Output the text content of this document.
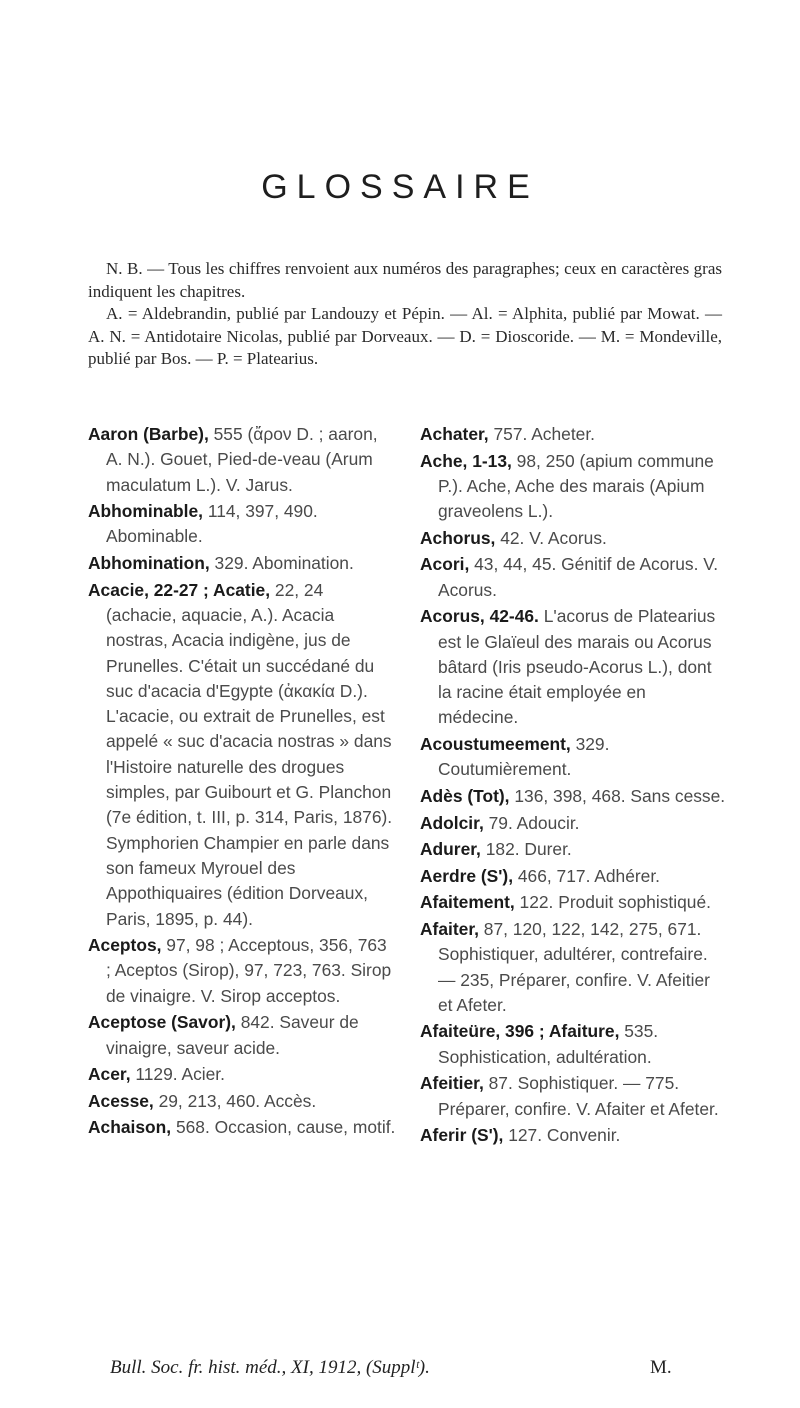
GLOSSAIRE

N. B. — Tous les chiffres renvoient aux numéros des paragraphes; ceux en caractères gras indiquent les chapitres.

A. = Aldebrandin, publié par Landouzy et Pépin. — Al. = Alphita, publié par Mowat. — A. N. = Antidotaire Nicolas, publié par Dorveaux. — D. = Dioscoride. — M. = Mondeville, publié par Bos. — P. = Platearius.

Aaron (Barbe), 555 (ἄρον D. ; aaron, A. N.). Gouet, Pied-de-veau (Arum maculatum L.). V. Jarus.

Abhominable, 114, 397, 490. Abominable.

Abhomination, 329. Abomination.

Acacie, 22-27 ; Acatie, 22, 24 (achacie, aquacie, A.). Acacia nostras, Acacia indigène, jus de Prunelles. C'était un succédané du suc d'acacia d'Egypte (ἀκακία D.). L'acacie, ou extrait de Prunelles, est appelé « suc d'acacia nostras » dans l'Histoire naturelle des drogues simples, par Guibourt et G. Planchon (7e édition, t. III, p. 314, Paris, 1876). Symphorien Champier en parle dans son fameux Myrouel des Appothiquaires (édition Dorveaux, Paris, 1895, p. 44).

Aceptos, 97, 98 ; Acceptous, 356, 763 ; Aceptos (Sirop), 97, 723, 763. Sirop de vinaigre. V. Sirop acceptos.

Aceptose (Savor), 842. Saveur de vinaigre, saveur acide.

Acer, 1129. Acier.

Acesse, 29, 213, 460. Accès.

Achaison, 568. Occasion, cause, motif.

Achater, 757. Acheter.

Ache, 1-13, 98, 250 (apium commune P.). Ache, Ache des marais (Apium graveolens L.).

Achorus, 42. V. Acorus.

Acori, 43, 44, 45. Génitif de Acorus. V. Acorus.

Acorus, 42-46. L'acorus de Platearius est le Glaïeul des marais ou Acorus bâtard (Iris pseudo-Acorus L.), dont la racine était employée en médecine.

Acoustumeement, 329. Coutumièrement.

Adès (Tot), 136, 398, 468. Sans cesse.

Adolcir, 79. Adoucir.

Adurer, 182. Durer.

Aerdre (S'), 466, 717. Adhérer.

Afaitement, 122. Produit sophistiqué.

Afaiter, 87, 120, 122, 142, 275, 671. Sophistiquer, adultérer, contrefaire. — 235, Préparer, confire. V. Afeitier et Afeter.

Afaiteüre, 396 ; Afaiture, 535. Sophistication, adultération.

Afeitier, 87. Sophistiquer. — 775. Préparer, confire. V. Afaiter et Afeter.

Aferir (S'), 127. Convenir.

Bull. Soc. fr. hist. méd., XI, 1912, (Supplᵗ).	M.
